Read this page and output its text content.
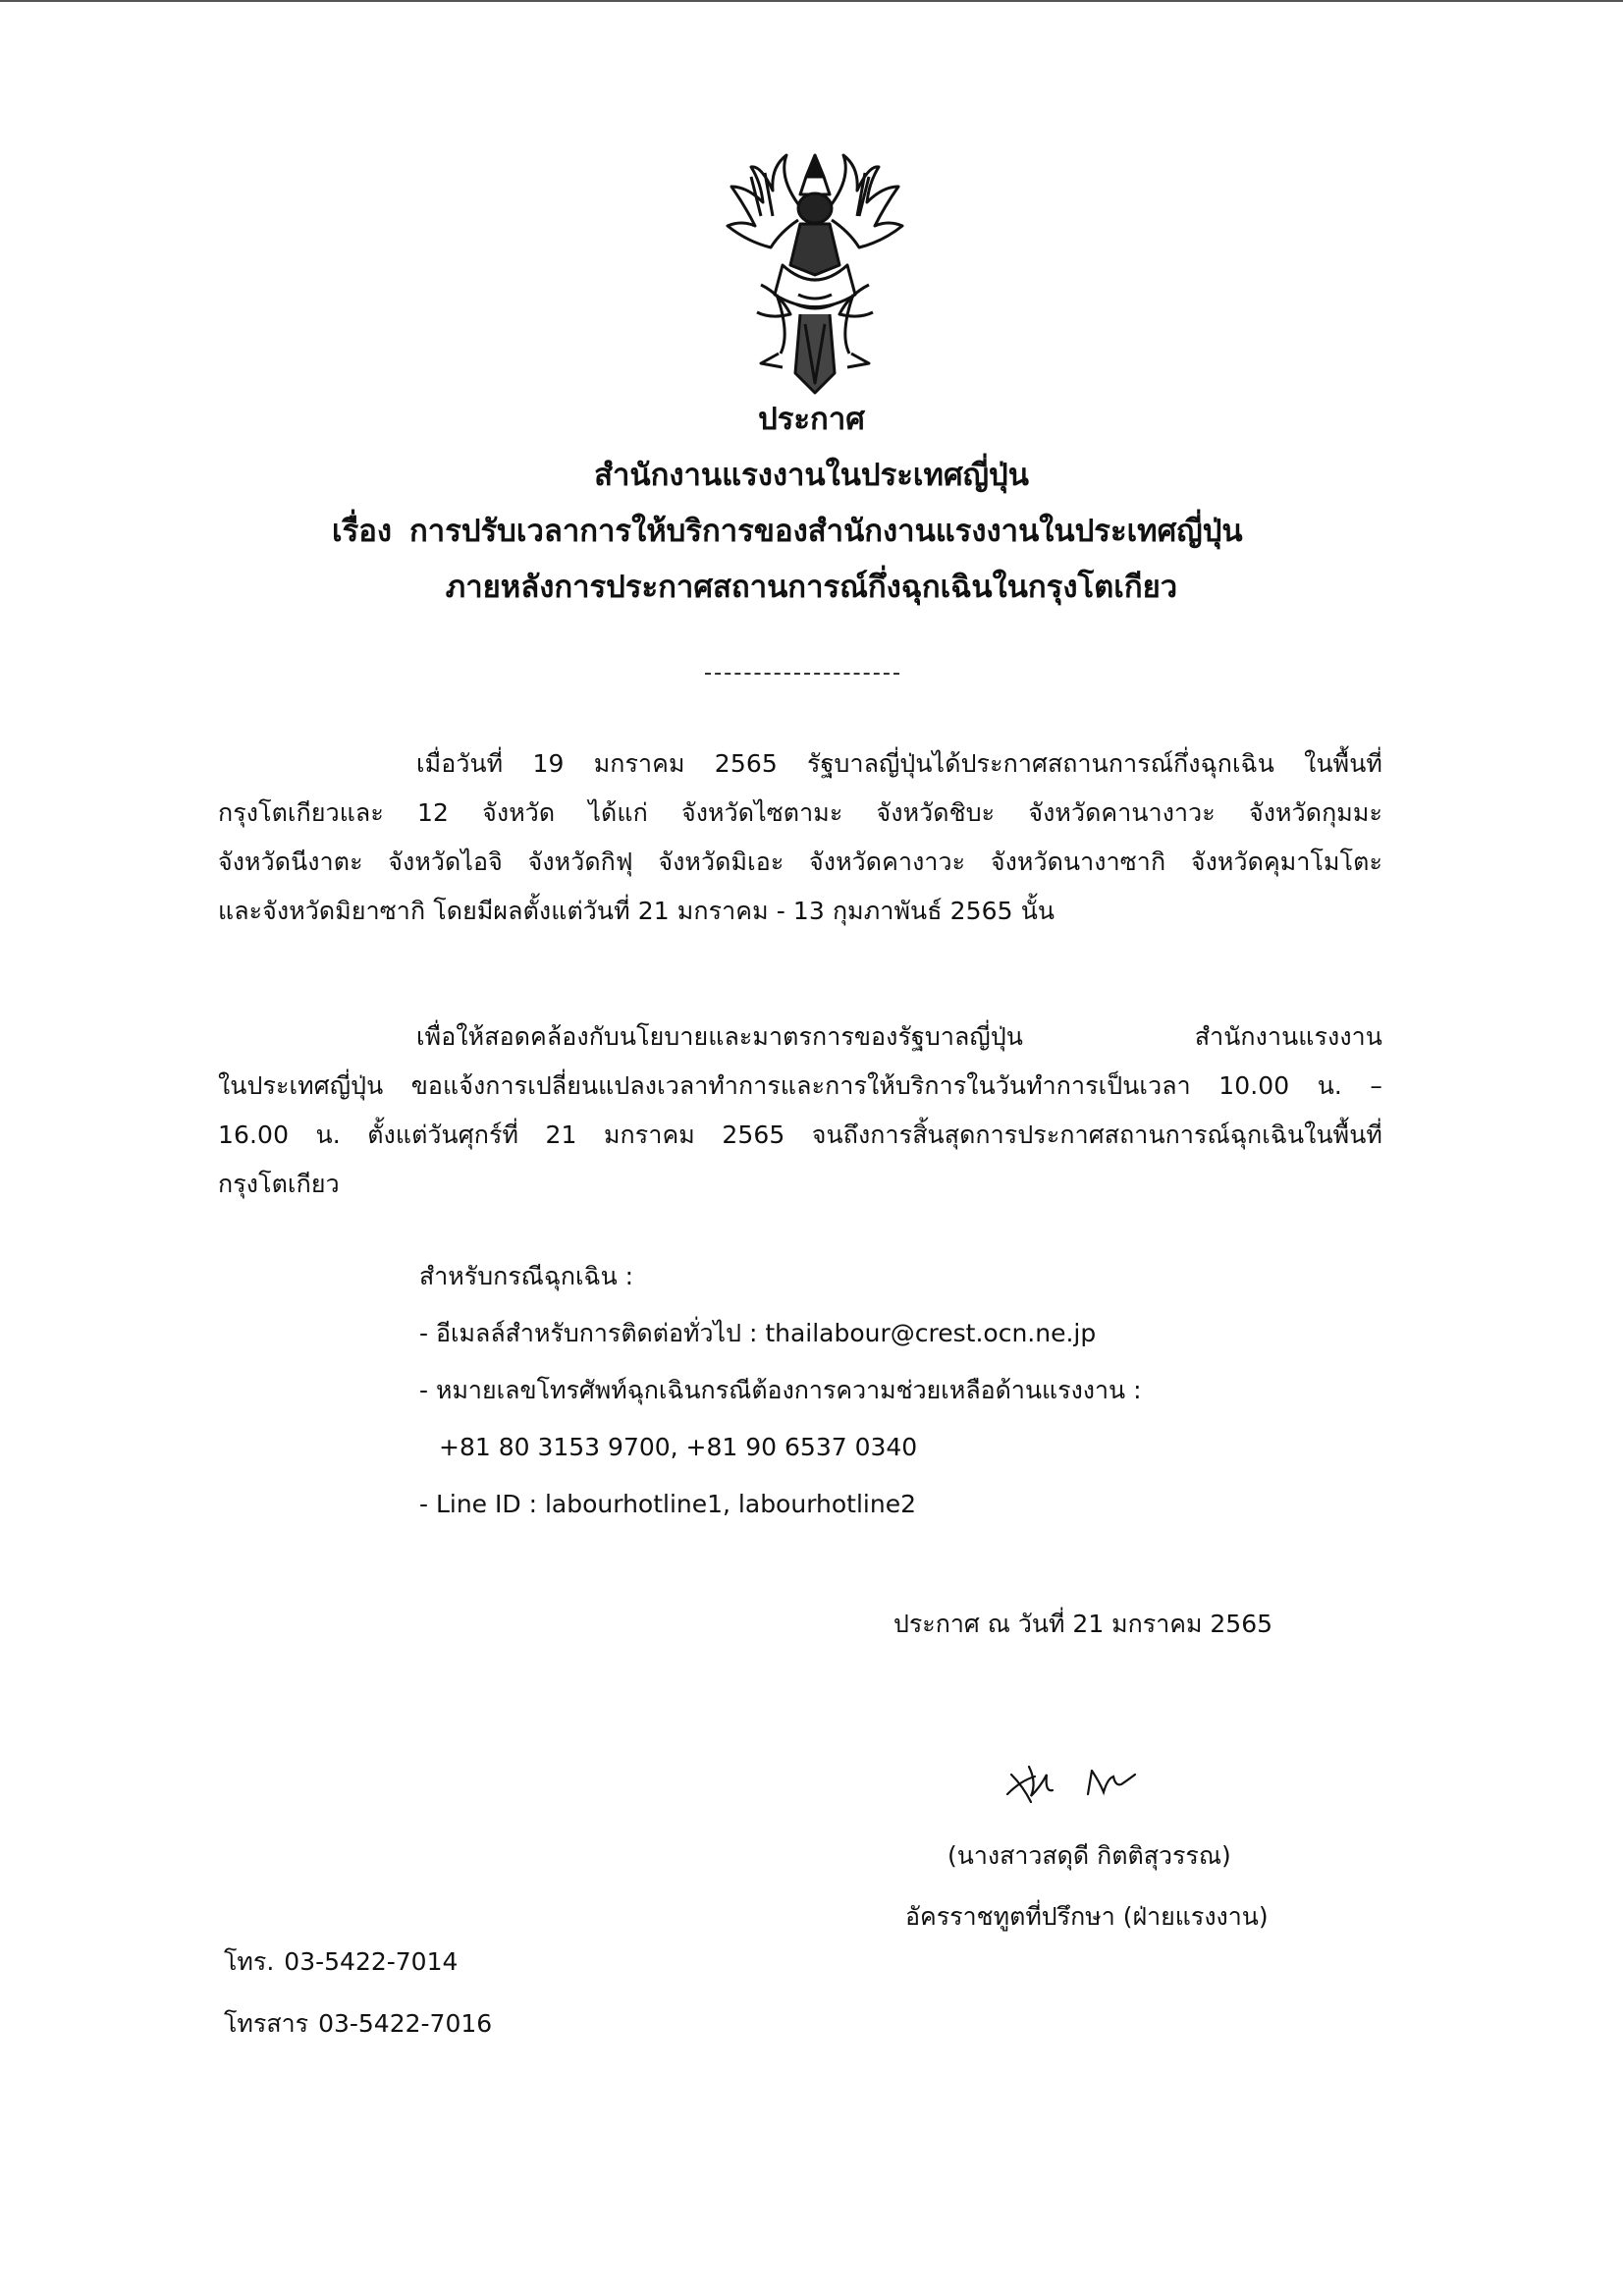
ประกาศ
สำนักงานแรงงานในประเทศญี่ปุ่น
เรื่อง การปรับเวลาการให้บริการของสำนักงานแรงงานในประเทศญี่ปุ่น
ภายหลังการประกาศสถานการณ์กึ่งฉุกเฉินในกรุงโตเกียว
เมื่อวันที่ 19 มกราคม 2565 รัฐบาลญี่ปุ่นได้ประกาศสถานการณ์กึ่งฉุกเฉิน ในพื้นที่
กรุงโตเกียวและ 12 จังหวัด ได้แก่ จังหวัดไซตามะ จังหวัดชิบะ จังหวัดคานางาวะ จังหวัดกุมมะ
จังหวัดนีงาตะ จังหวัดไอจิ จังหวัดกิฟุ จังหวัดมิเอะ จังหวัดคางาวะ จังหวัดนางาซากิ จังหวัดคุมาโมโตะ
และจังหวัดมิยาซากิ โดยมีผลตั้งแต่วันที่ 21 มกราคม - 13 กุมภาพันธ์ 2565 นั้น
เพื่อให้สอดคล้องกับนโยบายและมาตรการของรัฐบาลญี่ปุ่น สำนักงานแรงงาน
ในประเทศญี่ปุ่น ขอแจ้งการเปลี่ยนแปลงเวลาทำการและการให้บริการในวันทำการเป็นเวลา 10.00 น. –
16.00 น. ตั้งแต่วันศุกร์ที่ 21 มกราคม 2565 จนถึงการสิ้นสุดการประกาศสถานการณ์ฉุกเฉินในพื้นที่
กรุงโตเกียว
สำหรับกรณีฉุกเฉิน :
- อีเมลล์สำหรับการติดต่อทั่วไป : thailabour@crest.ocn.ne.jp
- หมายเลขโทรศัพท์ฉุกเฉินกรณีต้องการความช่วยเหลือด้านแรงงาน :
+81 80 3153 9700, +81 90 6537 0340
- Line ID : labourhotline1, labourhotline2
ประกาศ ณ วันที่ 21 มกราคม 2565
(นางสาวสดุดี กิตติสุวรรณ)
อัครราชทูตที่ปรึกษา (ฝ่ายแรงงาน)
โทร. 03-5422-7014
โทรสาร 03-5422-7016
